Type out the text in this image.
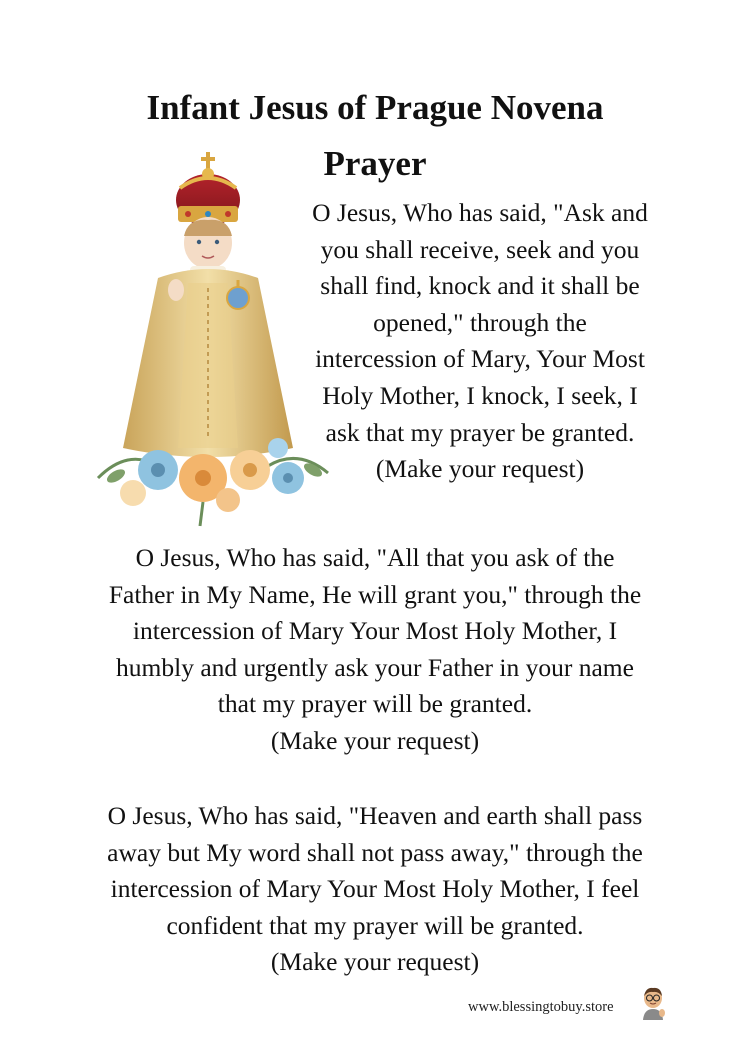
Infant Jesus of Prague Novena
Prayer

O Jesus, Who has said, "Ask and
you shall receive, seek and you
shall find, knock and it shall be
opened," through the
intercession of Mary, Your Most
Holy Mother, I knock, I seek, I
ask that my prayer be granted.
(Make your request)

O Jesus, Who has said, "All that you ask of the
Father in My Name, He will grant you," through the
intercession of Mary Your Most Holy Mother, I
humbly and urgently ask your Father in your name
that my prayer will be granted.
(Make your request)

O Jesus, Who has said, "Heaven and earth shall pass
away but My word shall not pass away," through the
intercession of Mary Your Most Holy Mother, I feel
confident that my prayer will be granted.
(Make your request)

www.blessingtobuy.store
